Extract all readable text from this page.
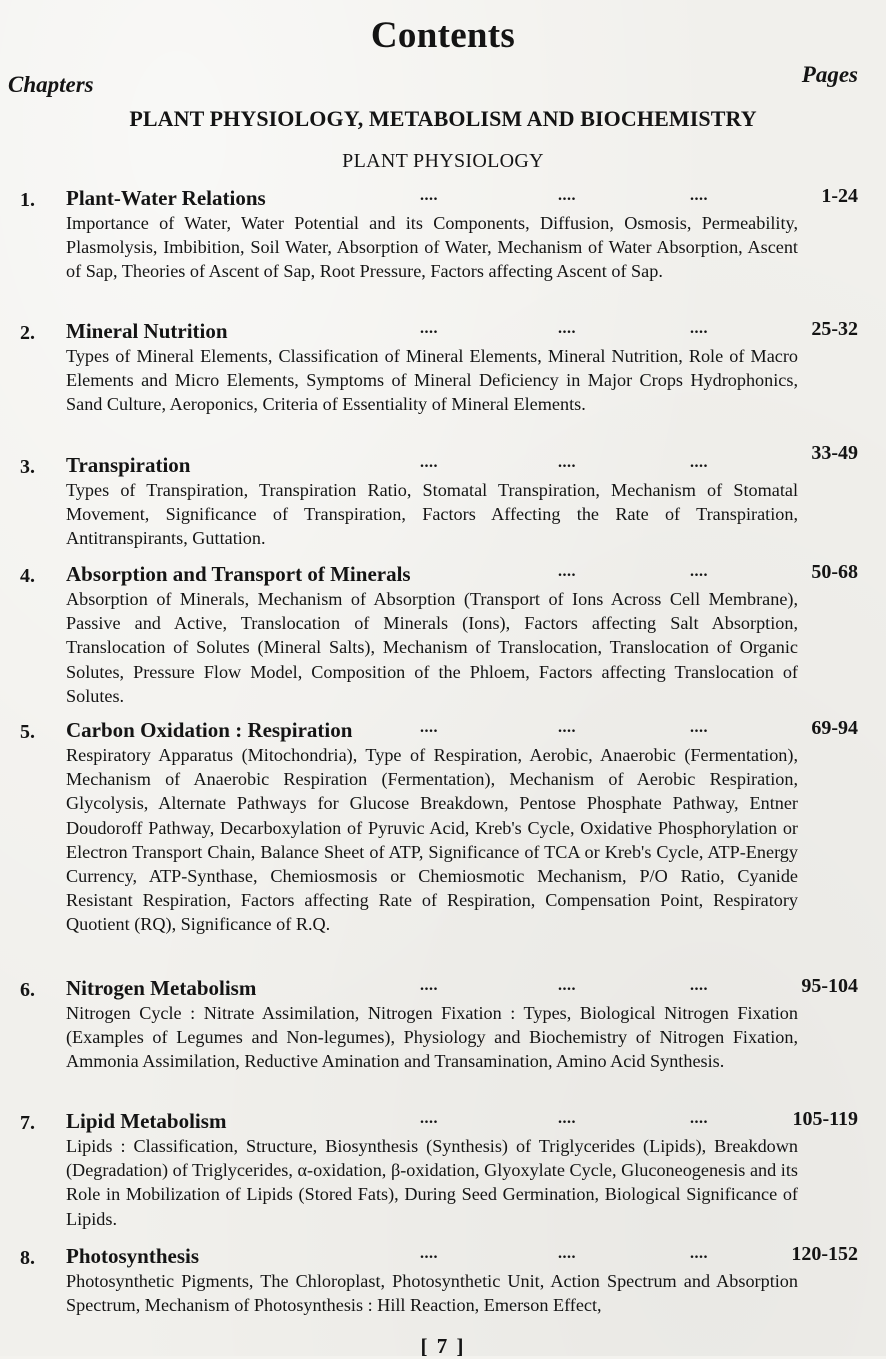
Contents
Chapters	Pages
PLANT PHYSIOLOGY, METABOLISM AND BIOCHEMISTRY
PLANT PHYSIOLOGY
1. Plant-Water Relations	....	....	....	1-24
Importance of Water, Water Potential and its Components, Diffusion, Osmosis, Permeability, Plasmolysis, Imbibition, Soil Water, Absorption of Water, Mechanism of Water Absorption, Ascent of Sap, Theories of Ascent of Sap, Root Pressure, Factors affecting Ascent of Sap.
2. Mineral Nutrition	....	....	....	25-32
Types of Mineral Elements, Classification of Mineral Elements, Mineral Nutrition, Role of Macro Elements and Micro Elements, Symptoms of Mineral Deficiency in Major Crops Hydrophonics, Sand Culture, Aeroponics, Criteria of Essentiality of Mineral Elements.
3. Transpiration	....	....	....	33-49
Types of Transpiration, Transpiration Ratio, Stomatal Transpiration, Mechanism of Stomatal Movement, Significance of Transpiration, Factors Affecting the Rate of Transpiration, Antitranspirants, Guttation.
4. Absorption and Transport of Minerals	....	....	50-68
Absorption of Minerals, Mechanism of Absorption (Transport of Ions Across Cell Membrane), Passive and Active, Translocation of Minerals (Ions), Factors affecting Salt Absorption, Translocation of Solutes (Mineral Salts), Mechanism of Translocation, Translocation of Organic Solutes, Pressure Flow Model, Composition of the Phloem, Factors affecting Translocation of Solutes.
5. Carbon Oxidation : Respiration	....	....	....	69-94
Respiratory Apparatus (Mitochondria), Type of Respiration, Aerobic, Anaerobic (Fermentation), Mechanism of Anaerobic Respiration (Fermentation), Mechanism of Aerobic Respiration, Glycolysis, Alternate Pathways for Glucose Breakdown, Pentose Phosphate Pathway, Entner Doudoroff Pathway, Decarboxylation of Pyruvic Acid, Kreb's Cycle, Oxidative Phosphorylation or Electron Transport Chain, Balance Sheet of ATP, Significance of TCA or Kreb's Cycle, ATP-Energy Currency, ATP-Synthase, Chemiosmosis or Chemiosmotic Mechanism, P/O Ratio, Cyanide Resistant Respiration, Factors affecting Rate of Respiration, Compensation Point, Respiratory Quotient (RQ), Significance of R.Q.
6. Nitrogen Metabolism	....	....	....	95-104
Nitrogen Cycle : Nitrate Assimilation, Nitrogen Fixation : Types, Biological Nitrogen Fixation (Examples of Legumes and Non-legumes), Physiology and Biochemistry of Nitrogen Fixation, Ammonia Assimilation, Reductive Amination and Transamination, Amino Acid Synthesis.
7. Lipid Metabolism	....	....	....	105-119
Lipids : Classification, Structure, Biosynthesis (Synthesis) of Triglycerides (Lipids), Breakdown (Degradation) of Triglycerides, α-oxidation, β-oxidation, Glyoxylate Cycle, Gluconeogenesis and its Role in Mobilization of Lipids (Stored Fats), During Seed Germination, Biological Significance of Lipids.
8. Photosynthesis	....	....	....	120-152
Photosynthetic Pigments, The Chloroplast, Photosynthetic Unit, Action Spectrum and Absorption Spectrum, Mechanism of Photosynthesis : Hill Reaction, Emerson Effect,
[ 7 ]
